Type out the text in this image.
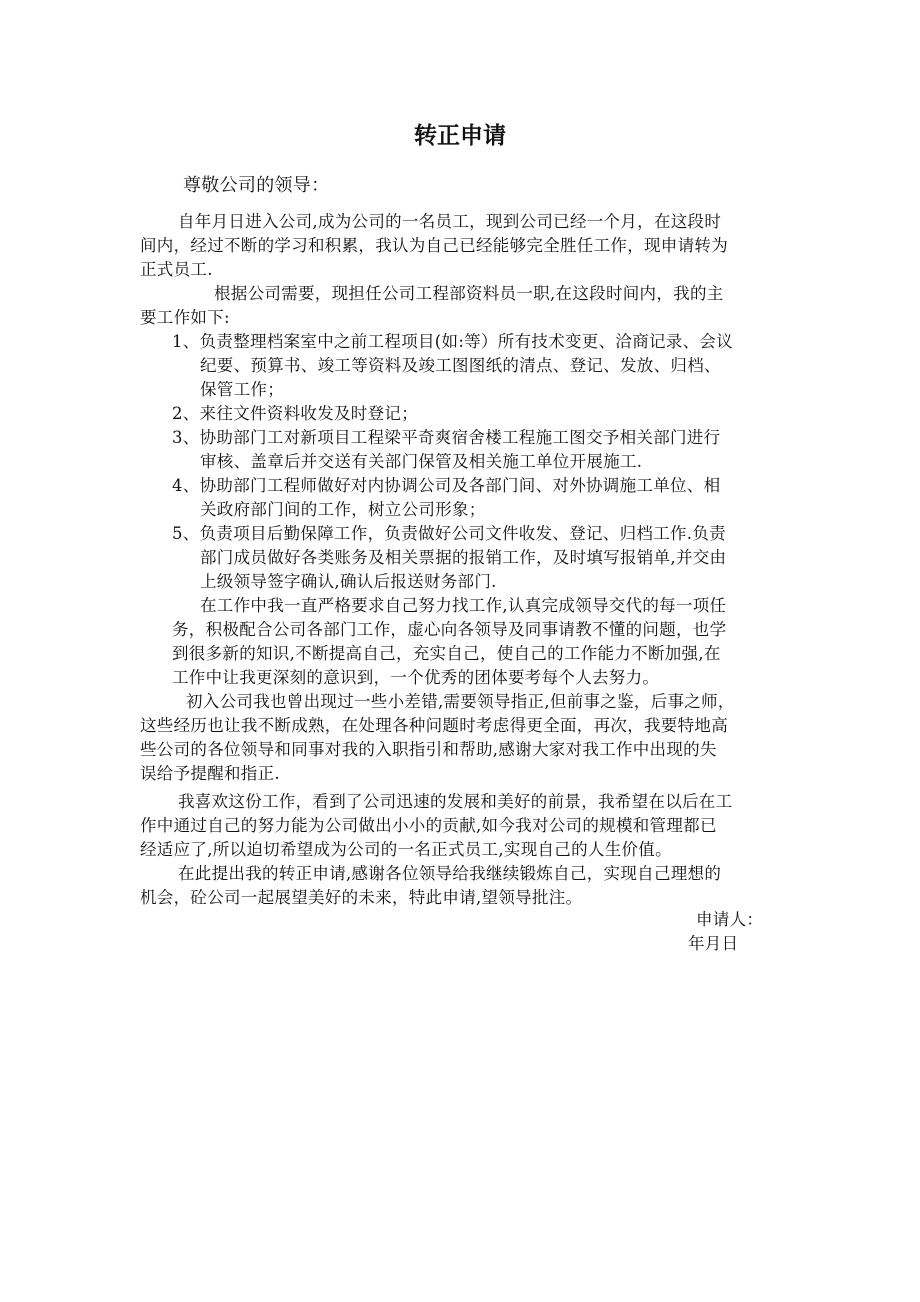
转正申请

尊敬公司的领导：

自年月日进入公司,成为公司的一名员工，现到公司已经一个月，在这段时

间内，经过不断的学习和积累，我认为自己已经能够完全胜任工作，现申请转为

正式员工.

根据公司需要，现担任公司工程部资料员一职,在这段时间内，我的主

要工作如下:

1、负责整理档案室中之前工程项目(如:等）所有技术变更、洽商记录、会议

纪要、预算书、竣工等资料及竣工图图纸的清点、登记、发放、归档、

保管工作；

2、来往文件资料收发及时登记；

3、协助部门工对新项目工程梁平奇爽宿舍楼工程施工图交予相关部门进行

审核、盖章后并交送有关部门保管及相关施工单位开展施工.

4、协助部门工程师做好对内协调公司及各部门间、对外协调施工单位、相

关政府部门间的工作，树立公司形象；

5、负责项目后勤保障工作，负责做好公司文件收发、登记、归档工作.负责

部门成员做好各类账务及相关票据的报销工作，及时填写报销单,并交由

上级领导签字确认,确认后报送财务部门.

在工作中我一直严格要求自己努力找工作,认真完成领导交代的每一项任

务，积极配合公司各部门工作，虚心向各领导及同事请教不懂的问题，也学

到很多新的知识,不断提高自己，充实自己，使自己的工作能力不断加强,在

工作中让我更深刻的意识到，一个优秀的团体要考每个人去努力。

初入公司我也曾出现过一些小差错,需要领导指正,但前事之鉴，后事之师，

这些经历也让我不断成熟，在处理各种问题时考虑得更全面，再次，我要特地高

些公司的各位领导和同事对我的入职指引和帮助,感谢大家对我工作中出现的失

误给予提醒和指正.

我喜欢这份工作，看到了公司迅速的发展和美好的前景，我希望在以后在工

作中通过自己的努力能为公司做出小小的贡献,如今我对公司的规模和管理都已

经适应了,所以迫切希望成为公司的一名正式员工,实现自己的人生价值。

在此提出我的转正申请,感谢各位领导给我继续锻炼自己，实现自己理想的

机会，砼公司一起展望美好的未来，特此申请,望领导批注。

申请人：

年月日
